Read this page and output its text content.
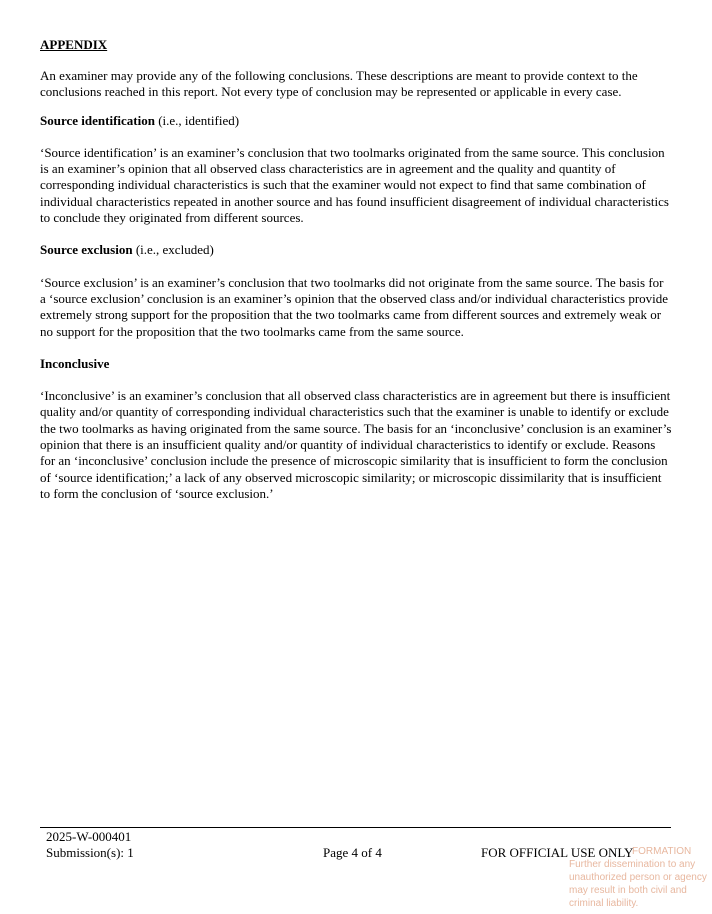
APPENDIX

An examiner may provide any of the following conclusions. These descriptions are meant to provide context to the conclusions reached in this report. Not every type of conclusion may be represented or applicable in every case.

Source identification (i.e., identified)

‘Source identification’ is an examiner’s conclusion that two toolmarks originated from the same source. This conclusion is an examiner’s opinion that all observed class characteristics are in agreement and the quality and quantity of corresponding individual characteristics is such that the examiner would not expect to find that same combination of individual characteristics repeated in another source and has found insufficient disagreement of individual characteristics to conclude they originated from different sources.

Source exclusion (i.e., excluded)

‘Source exclusion’ is an examiner’s conclusion that two toolmarks did not originate from the same source. The basis for a ‘source exclusion’ conclusion is an examiner’s opinion that the observed class and/or individual characteristics provide extremely strong support for the proposition that the two toolmarks came from different sources and extremely weak or no support for the proposition that the two toolmarks came from the same source.

Inconclusive

‘Inconclusive’ is an examiner’s conclusion that all observed class characteristics are in agreement but there is insufficient quality and/or quantity of corresponding individual characteristics such that the examiner is unable to identify or exclude the two toolmarks as having originated from the same source. The basis for an ‘inconclusive’ conclusion is an examiner’s opinion that there is an insufficient quality and/or quantity of individual characteristics to identify or exclude. Reasons for an ‘inconclusive’ conclusion include the presence of microscopic similarity that is insufficient to form the conclusion of ‘source identification;’ a lack of any observed microscopic similarity; or microscopic dissimilarity that is insufficient to form the conclusion of ‘source exclusion.’

2025-W-000401
Submission(s): 1	Page 4 of 4	FOR OFFICIAL USE ONLY
FORMATION
Further dissemination to any
unauthorized person or agency
may result in both civil and
criminal liability.
